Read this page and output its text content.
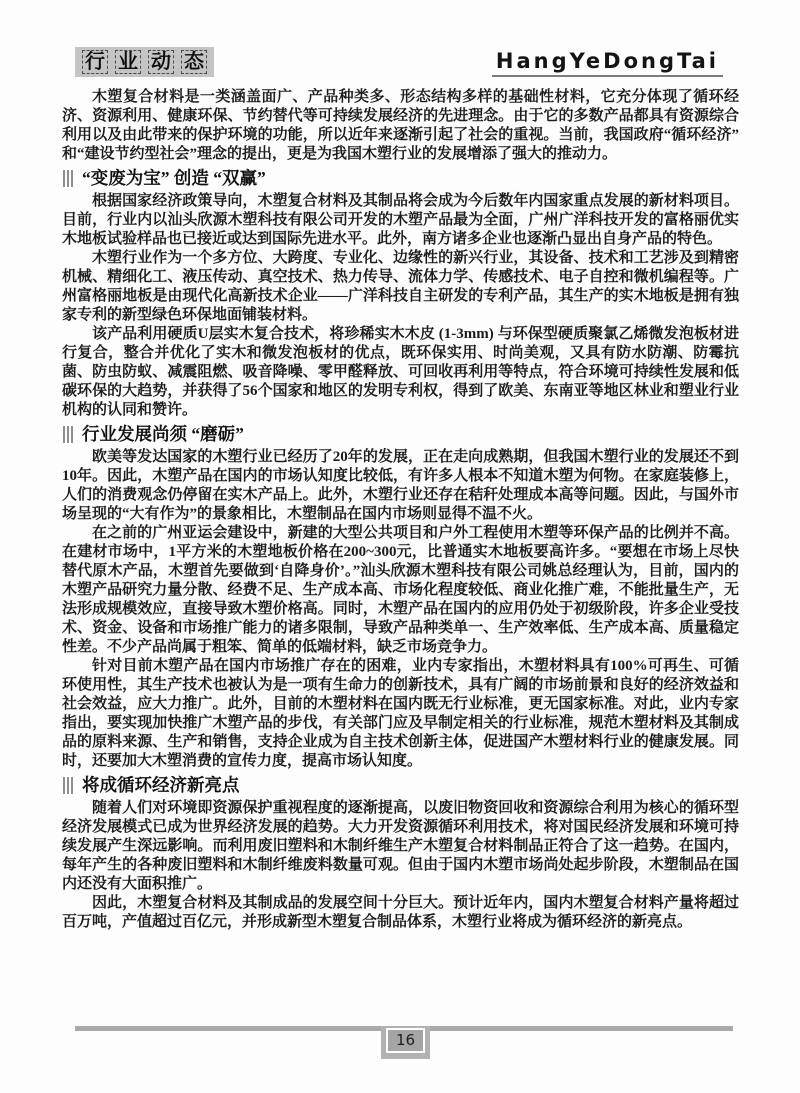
行 业 动 态	HangYeDongTai

木塑复合材料是一类涵盖面广、产品种类多、形态结构多样的基础性材料，它充分体现了循环经济、资源利用、健康环保、节约替代等可持续发展经济的先进理念。由于它的多数产品都具有资源综合利用以及由此带来的保护环境的功能，所以近年来逐渐引起了社会的重视。当前，我国政府“循环经济”和“建设节约型社会”理念的提出，更是为我国木塑行业的发展增添了强大的推动力。

“变废为宝” 创造 “双赢”

根据国家经济政策导向，木塑复合材料及其制品将会成为今后数年内国家重点发展的新材料项目。目前，行业内以汕头欣源木塑科技有限公司开发的木塑产品最为全面，广州广洋科技开发的富格丽优实木地板试验样品也已接近或达到国际先进水平。此外，南方诸多企业也逐渐凸显出自身产品的特色。

木塑行业作为一个多方位、大跨度、专业化、边缘性的新兴行业，其设备、技术和工艺涉及到精密机械、精细化工、液压传动、真空技术、热力传导、流体力学、传感技术、电子自控和微机编程等。广州富格丽地板是由现代化高新技术企业——广洋科技自主研发的专利产品，其生产的实木地板是拥有独家专利的新型绿色环保地面铺装材料。

该产品利用硬质U层实木复合技术，将珍稀实木木皮 (1-3mm) 与环保型硬质聚氯乙烯微发泡板材进行复合，整合并优化了实木和微发泡板材的优点，既环保实用、时尚美观，又具有防水防潮、防霉抗菌、防虫防蚁、减震阻燃、吸音降噪、零甲醛释放、可回收再利用等特点，符合环境可持续性发展和低碳环保的大趋势，并获得了56个国家和地区的发明专利权，得到了欧美、东南亚等地区林业和塑业行业机构的认同和赞许。

行业发展尚须 “磨砺”

欧美等发达国家的木塑行业已经历了20年的发展，正在走向成熟期，但我国木塑行业的发展还不到10年。因此，木塑产品在国内的市场认知度比较低，有许多人根本不知道木塑为何物。在家庭装修上，人们的消费观念仍停留在实木产品上。此外，木塑行业还存在秸秆处理成本高等问题。因此，与国外市场呈现的“大有作为”的景象相比，木塑制品在国内市场则显得不温不火。

在之前的广州亚运会建设中，新建的大型公共项目和户外工程使用木塑等环保产品的比例并不高。在建材市场中，1平方米的木塑地板价格在200~300元，比普通实木地板要高许多。“要想在市场上尽快替代原木产品，木塑首先要做到‘自降身价’。”汕头欣源木塑科技有限公司姚总经理认为，目前，国内的木塑产品研究力量分散、经费不足、生产成本高、市场化程度较低、商业化推广难，不能批量生产，无法形成规模效应，直接导致木塑价格高。同时，木塑产品在国内的应用仍处于初级阶段，许多企业受技术、资金、设备和市场推广能力的诸多限制，导致产品种类单一、生产效率低、生产成本高、质量稳定性差。不少产品尚属于粗笨、简单的低端材料，缺乏市场竞争力。

针对目前木塑产品在国内市场推广存在的困难，业内专家指出，木塑材料具有100%可再生、可循环使用性，其生产技术也被认为是一项有生命力的创新技术，具有广阔的市场前景和良好的经济效益和社会效益，应大力推广。此外，目前的木塑材料在国内既无行业标准，更无国家标准。对此，业内专家指出，要实现加快推广木塑产品的步伐，有关部门应及早制定相关的行业标准，规范木塑材料及其制成品的原料来源、生产和销售，支持企业成为自主技术创新主体，促进国产木塑材料行业的健康发展。同时，还要加大木塑消费的宣传力度，提高市场认知度。

将成循环经济新亮点

随着人们对环境即资源保护重视程度的逐渐提高，以废旧物资回收和资源综合利用为核心的循环型经济发展模式已成为世界经济发展的趋势。大力开发资源循环利用技术，将对国民经济发展和环境可持续发展产生深远影响。而利用废旧塑料和木制纤维生产木塑复合材料制品正符合了这一趋势。在国内，每年产生的各种废旧塑料和木制纤维废料数量可观。但由于国内木塑市场尚处起步阶段，木塑制品在国内还没有大面积推广。

因此，木塑复合材料及其制成品的发展空间十分巨大。预计近年内，国内木塑复合材料产量将超过百万吨，产值超过百亿元，并形成新型木塑复合制品体系，木塑行业将成为循环经济的新亮点。

16
